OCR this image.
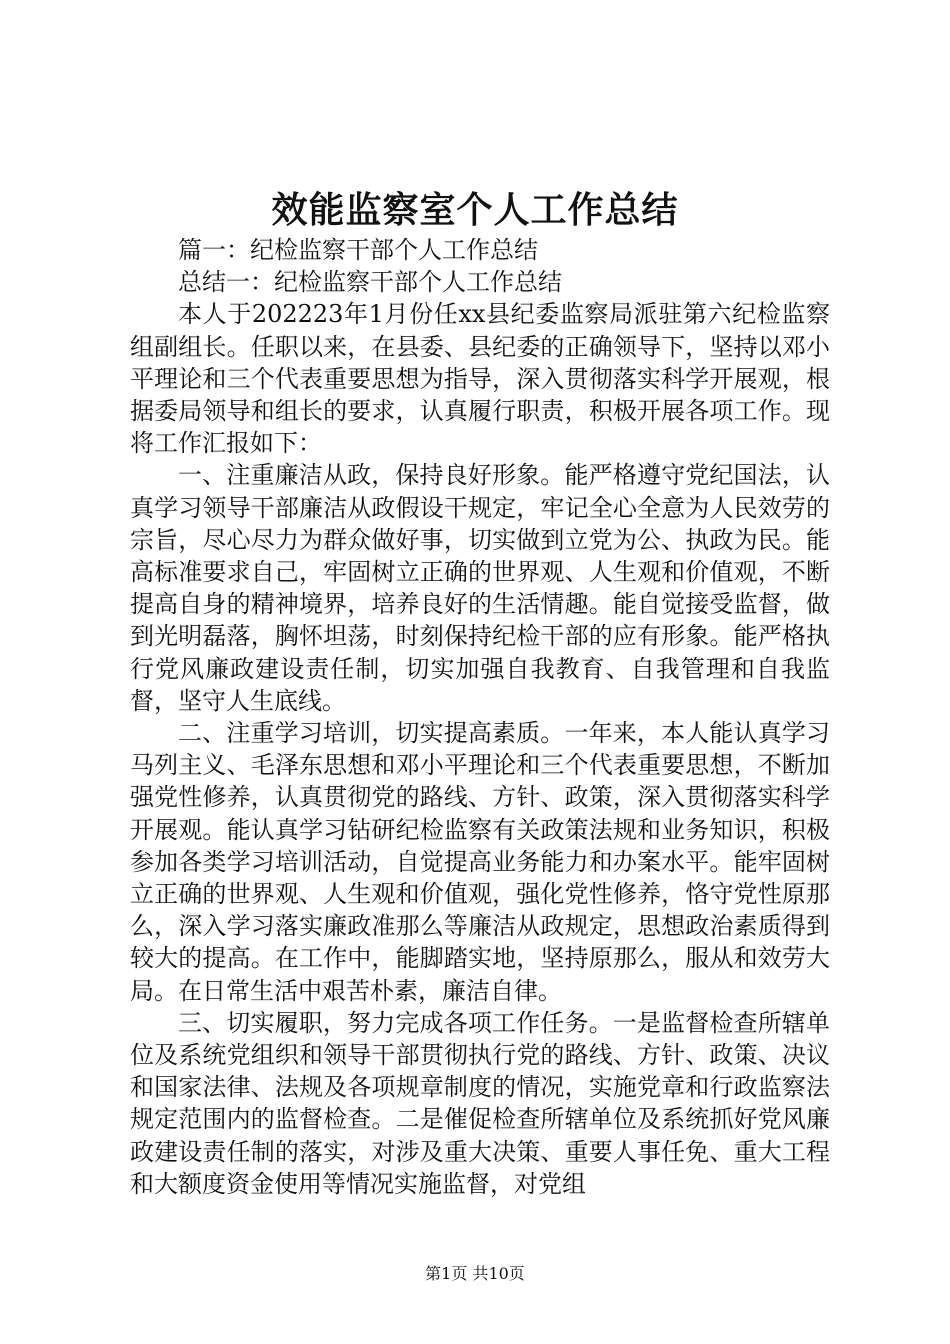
效能监察室个人工作总结

篇一：纪检监察干部个人工作总结

总结一：纪检监察干部个人工作总结

本人于202223年1月份任xx县纪委监察局派驻第六纪检监察组副组长。任职以来，在县委、县纪委的正确领导下，坚持以邓小平理论和三个代表重要思想为指导，深入贯彻落实科学开展观，根据委局领导和组长的要求，认真履行职责，积极开展各项工作。现将工作汇报如下：

一、注重廉洁从政，保持良好形象。能严格遵守党纪国法，认真学习领导干部廉洁从政假设干规定，牢记全心全意为人民效劳的宗旨，尽心尽力为群众做好事，切实做到立党为公、执政为民。能高标准要求自己，牢固树立正确的世界观、人生观和价值观，不断提高自身的精神境界，培养良好的生活情趣。能自觉接受监督，做到光明磊落，胸怀坦荡，时刻保持纪检干部的应有形象。能严格执行党风廉政建设责任制，切实加强自我教育、自我管理和自我监督，坚守人生底线。

二、注重学习培训，切实提高素质。一年来，本人能认真学习马列主义、毛泽东思想和邓小平理论和三个代表重要思想，不断加强党性修养，认真贯彻党的路线、方针、政策，深入贯彻落实科学开展观。能认真学习钻研纪检监察有关政策法规和业务知识，积极参加各类学习培训活动，自觉提高业务能力和办案水平。能牢固树立正确的世界观、人生观和价值观，强化党性修养，恪守党性原那么，深入学习落实廉政准那么等廉洁从政规定，思想政治素质得到较大的提高。在工作中，能脚踏实地，坚持原那么，服从和效劳大局。在日常生活中艰苦朴素，廉洁自律。

三、切实履职，努力完成各项工作任务。一是监督检查所辖单位及系统党组织和领导干部贯彻执行党的路线、方针、政策、决议和国家法律、法规及各项规章制度的情况，实施党章和行政监察法规定范围内的监督检查。二是催促检查所辖单位及系统抓好党风廉政建设责任制的落实，对涉及重大决策、重要人事任免、重大工程和大额度资金使用等情况实施监督，对党组

第1页 共10页
